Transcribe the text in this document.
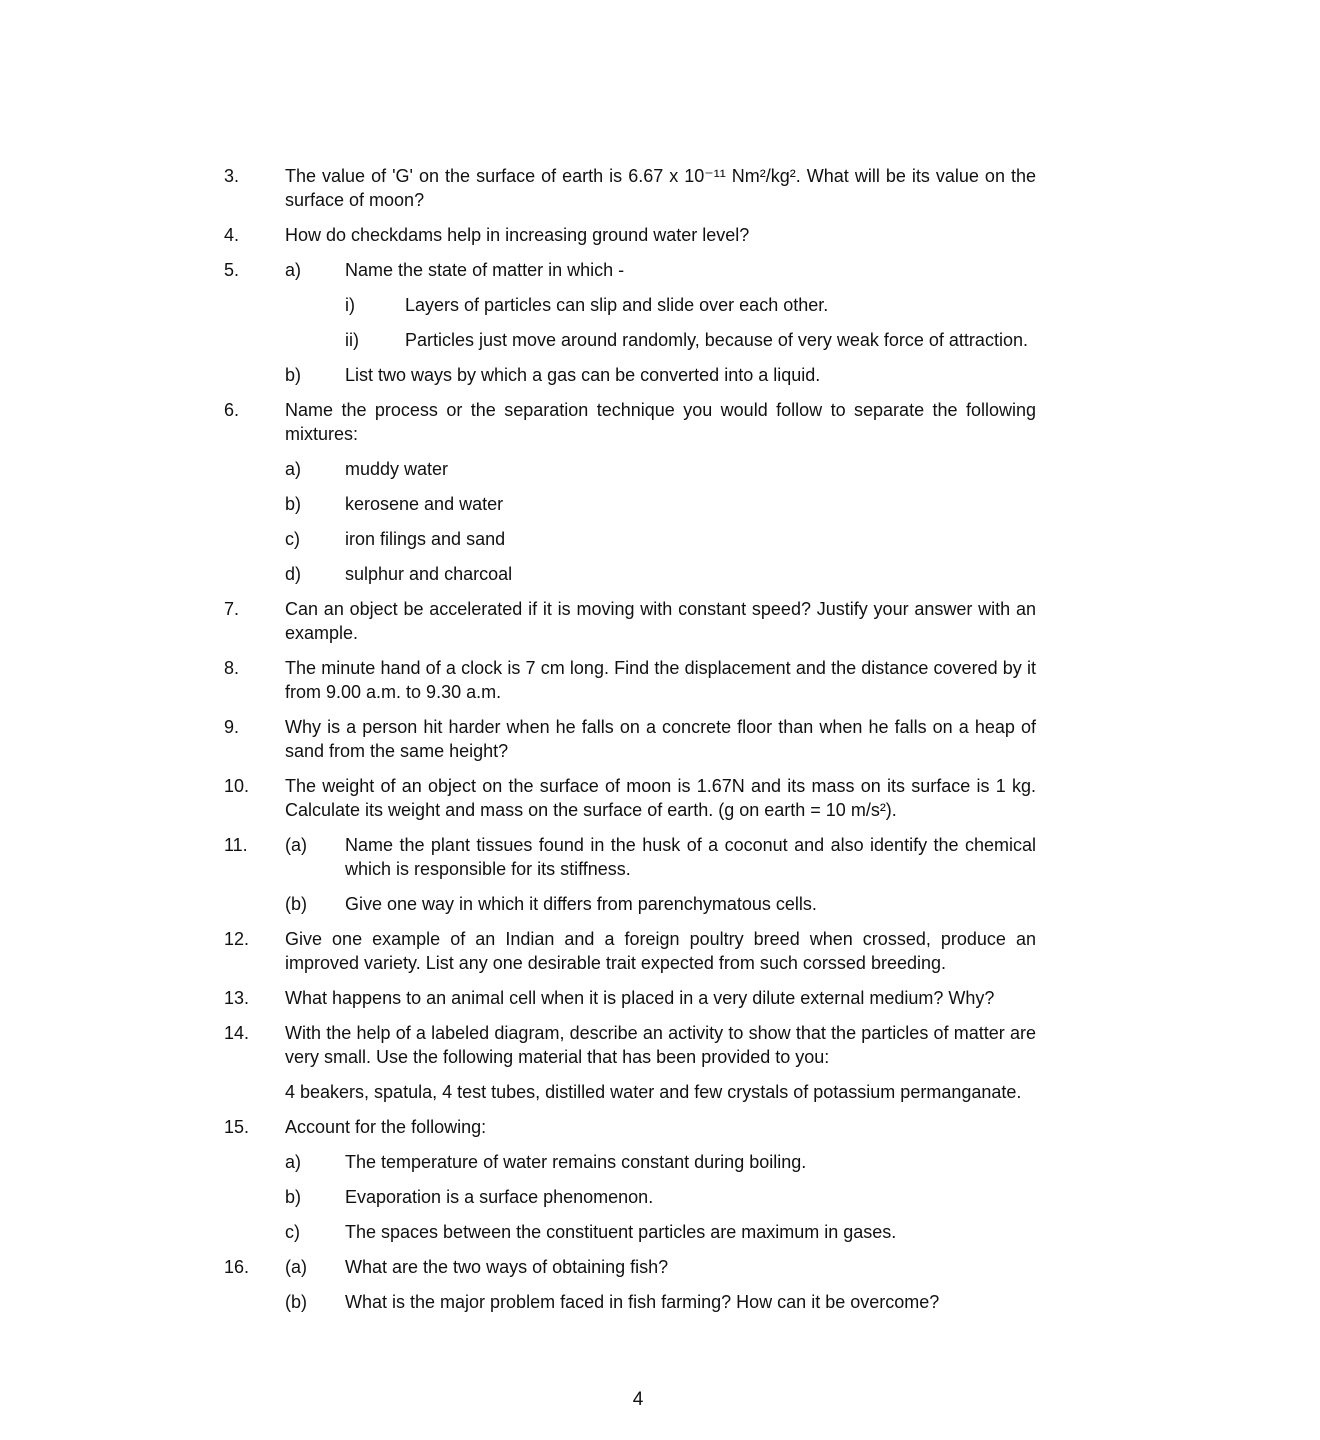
3.	The value of 'G' on the surface of earth is 6.67 x 10⁻¹¹ Nm²/kg². What will be its value on the surface of moon?
4.	How do checkdams help in increasing ground water level?
5.	a) Name the state of matter in which -
i)	Layers of particles can slip and slide over each other.
ii)	Particles just move around randomly, because of very weak force of attraction.
b) List two ways by which a gas can be converted into a liquid.
6.	Name the process or the separation technique you would follow to separate the following mixtures:
a) muddy water
b) kerosene and water
c)	iron filings and sand
d) sulphur and charcoal
7.	Can an object be accelerated if it is moving with constant speed? Justify your answer with an example.
8.	The minute hand of a clock is 7 cm long. Find the displacement and the distance covered by it from 9.00 a.m. to 9.30 a.m.
9.	Why is a person hit harder when he falls on a concrete floor than when he falls on a heap of sand from the same height?
10. The weight of an object on the surface of moon is 1.67N and its mass on its surface is 1 kg. Calculate its weight and mass on the surface of earth. (g on earth = 10 m/s²).
11. (a) Name the plant tissues found in the husk of a coconut and also identify the chemical which is responsible for its stiffness.
(b) Give one way in which it differs from parenchymatous cells.
12. Give one example of an Indian and a foreign poultry breed when crossed, produce an improved variety. List any one desirable trait expected from such corssed breeding.
13. What happens to an animal cell when it is placed in a very dilute external medium? Why?
14. With the help of a labeled diagram, describe an activity to show that the particles of matter are very small. Use the following material that has been provided to you:
4 beakers, spatula, 4 test tubes, distilled water and few crystals of potassium permanganate.
15. Account for the following:
a) The temperature of water remains constant during boiling.
b) Evaporation is a surface phenomenon.
c)	The spaces between the constituent particles are maximum in gases.
16. (a) What are the two ways of obtaining fish?
(b) What is the major problem faced in fish farming? How can it be overcome?
4
